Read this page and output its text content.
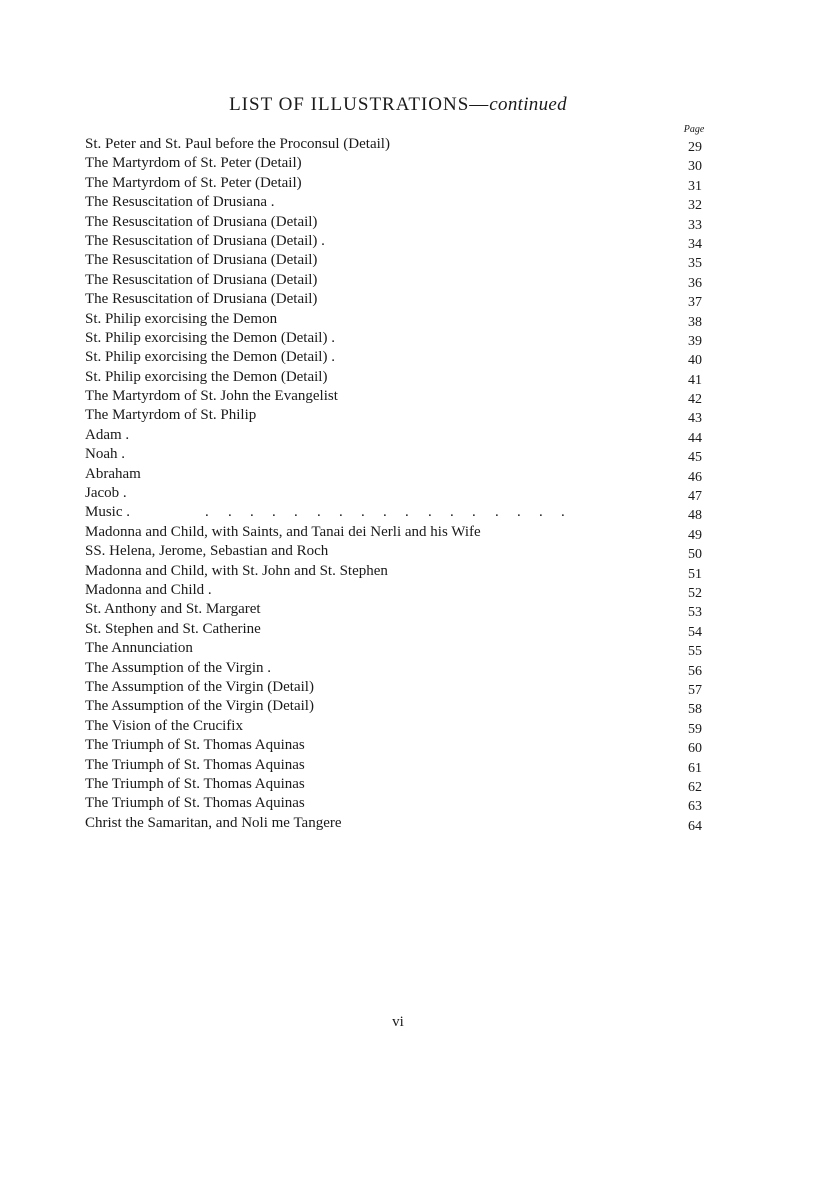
LIST OF ILLUSTRATIONS—continued
Page
St. Peter and St. Paul before the Proconsul (Detail)	29
The Martyrdom of St. Peter (Detail)	30
The Martyrdom of St. Peter (Detail)	31
The Resuscitation of Drusiana .	32
The Resuscitation of Drusiana (Detail)	33
The Resuscitation of Drusiana (Detail) .	34
The Resuscitation of Drusiana (Detail)	35
The Resuscitation of Drusiana (Detail)	36
The Resuscitation of Drusiana (Detail)	37
St. Philip exorcising the Demon	38
St. Philip exorcising the Demon (Detail) .	39
St. Philip exorcising the Demon (Detail) .	40
St. Philip exorcising the Demon (Detail)	41
The Martyrdom of St. John the Evangelist	42
The Martyrdom of St. Philip	43
Adam .	44
Noah .	45
Abraham	46
Jacob .	47
Music .	. . . . . . . . . . . . . . . . .	48
Madonna and Child, with Saints, and Tanai dei Nerli and his Wife	49
SS. Helena, Jerome, Sebastian and Roch	50
Madonna and Child, with St. John and St. Stephen	51
Madonna and Child .	52
St. Anthony and St. Margaret	53
St. Stephen and St. Catherine	54
The Annunciation	55
The Assumption of the Virgin .	56
The Assumption of the Virgin (Detail)	57
The Assumption of the Virgin (Detail)	58
The Vision of the Crucifix	59
The Triumph of St. Thomas Aquinas	60
The Triumph of St. Thomas Aquinas	61
The Triumph of St. Thomas Aquinas	62
The Triumph of St. Thomas Aquinas	63
Christ the Samaritan, and Noli me Tangere	64
vi
